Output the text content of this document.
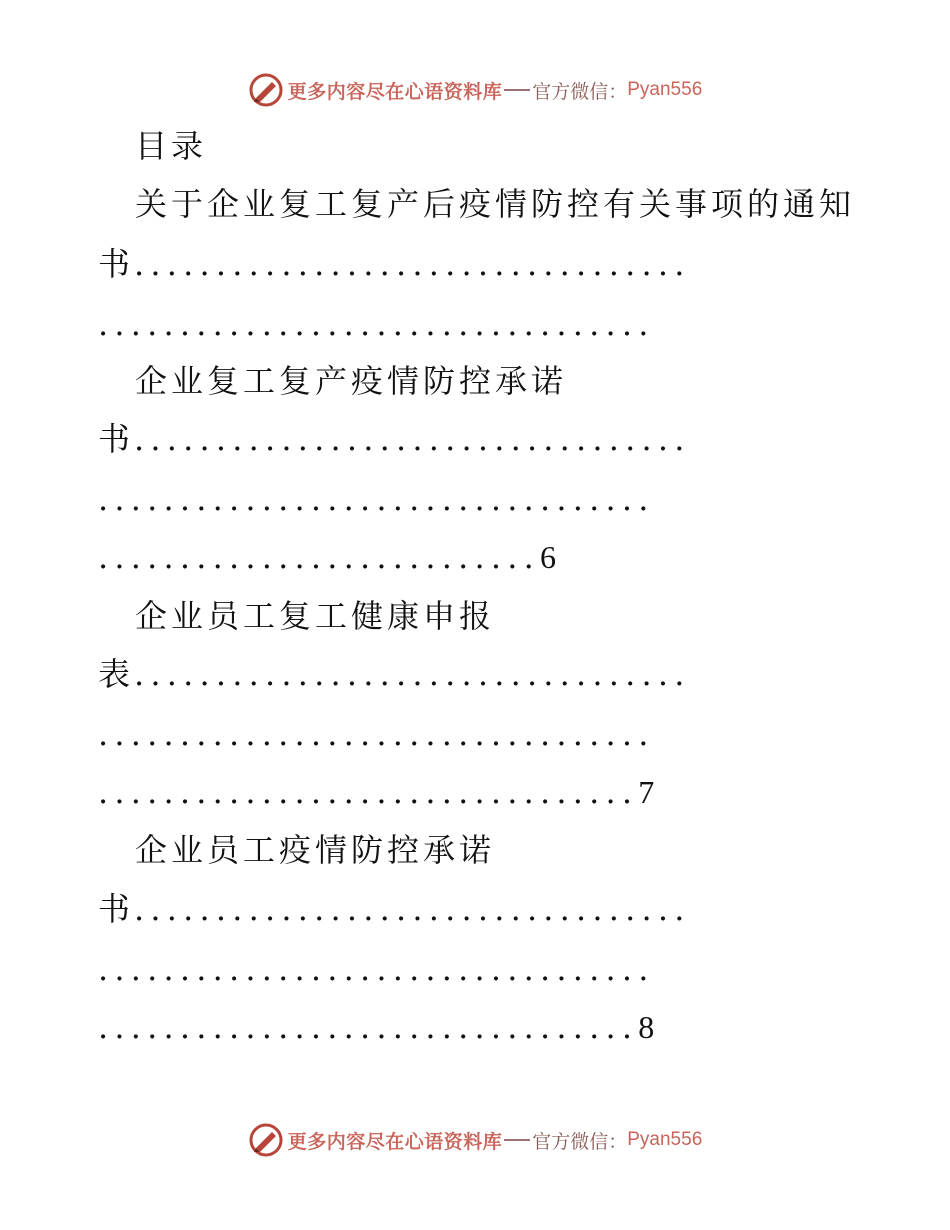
更多内容尽在心语资料库 官方微信： Pyan556
目录
关于企业复工复产后疫情防控有关事项的通知
书..................................
..................................
企业复工复产疫情防控承诺
书..................................
..................................
...........................6
企业员工复工健康申报
表..................................
..................................
.................................7
企业员工疫情防控承诺
书..................................
..................................
.................................8
更多内容尽在心语资料库 官方微信： Pyan556
